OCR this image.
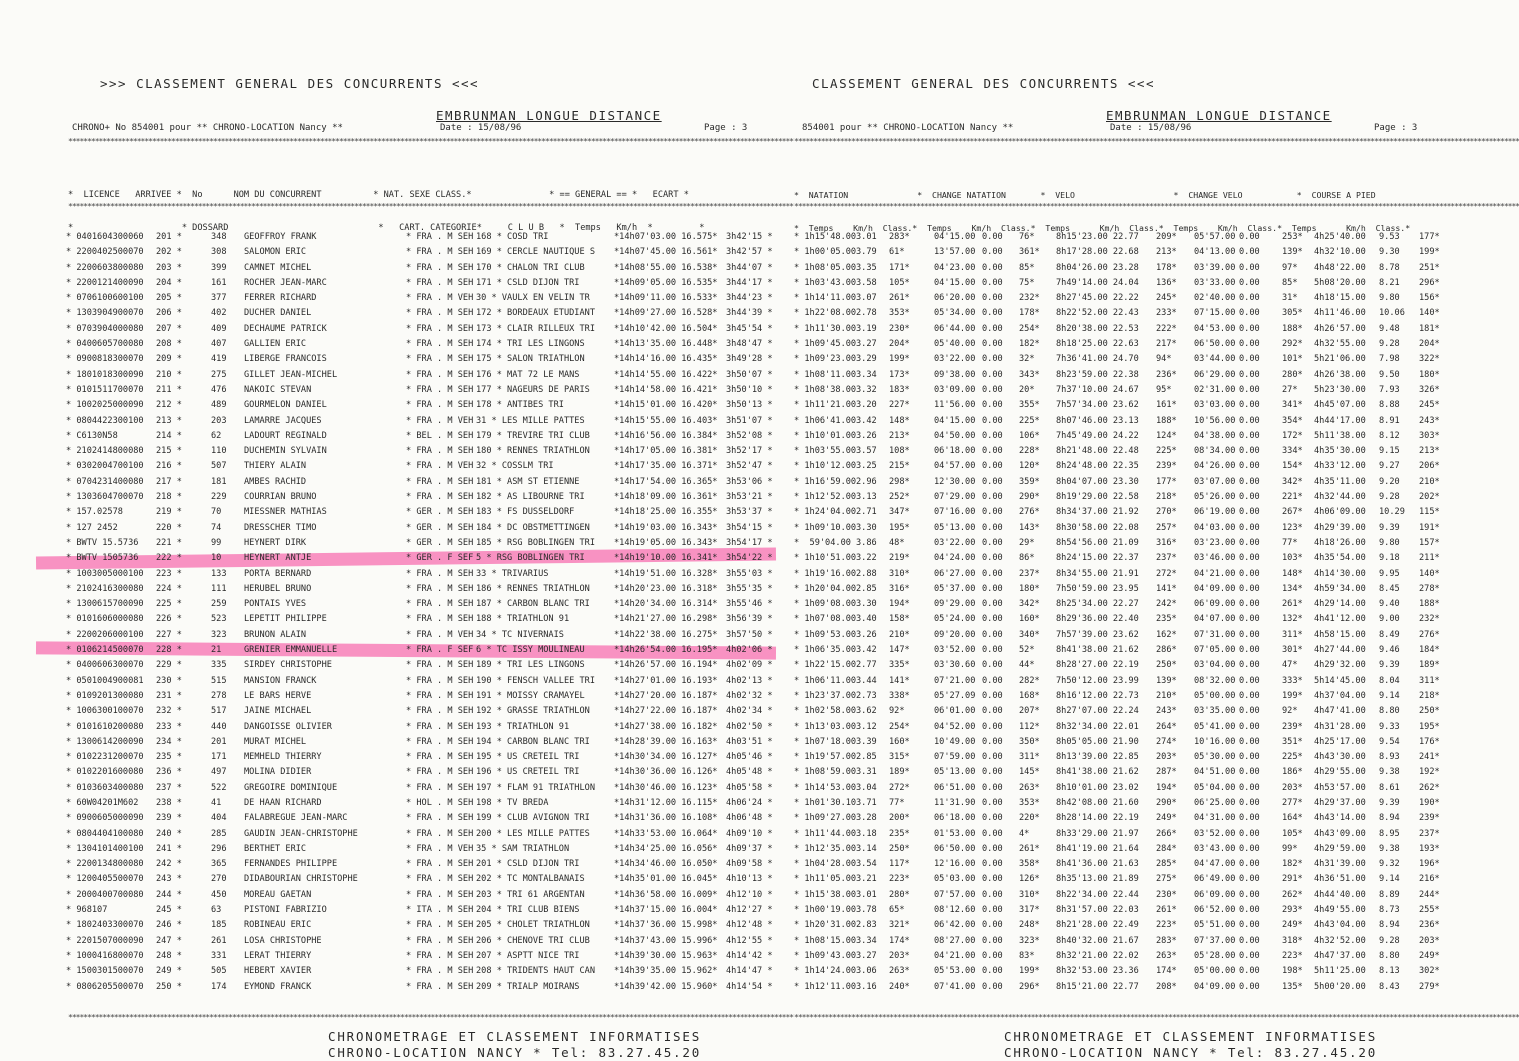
>>> CLASSEMENT GENERAL DES CONCURRENTS <<<
EMBRUNMAN LONGUE DISTANCE
CHRONO+ No 854001 pour ** CHRONO-LOCATION Nancy **	Date : 15/08/96	Page : 3
**********************************************************************************************************************************************************************************************

*  LICENCE   ARRIVEE *  No      NOM DU CONCURRENT          * NAT. SEXE CLASS.*               * == GENERAL == *   ECART *

*                     * DOSSARD                             *   CART. CATEGORIE*     C L U B   *  Temps   Km/h  *         *

**********************************************************************************************************************************************************************************************
* 0401604300060 201 *	348 GEOFFROY FRANK	* FRA . M SEH 168 * COSD TRI	*14h07'03.00 16.575* 3h42'15 *
* 2200402500070 202 *	308 SALOMON ERIC	* FRA . M SEH 169 * CERCLE NAUTIQUE S *14h07'45.00 16.561* 3h42'57 *
* 2200603800080 203 *	399 CAMNET MICHEL	* FRA . M SEH 170 * CHALON TRI CLUB	*14h08'55.00 16.538* 3h44'07 *
* 2200121400090 204 *	161 ROCHER JEAN-MARC	* FRA . M SEH 171 * CSLD DIJON TRI	*14h09'05.00 16.535* 3h44'17 *
* 0706100600100 205 *	377 FERRER RICHARD	* FRA . M VEH 30 * VAULX EN VELIN TR	*14h09'11.00 16.533* 3h44'23 *
* 1303904900070 206 *	402 DUCHER DANIEL	* FRA . M SEH 172 * BORDEAUX ETUDIANT *14h09'27.00 16.528* 3h44'39 *
* 0703904000080 207 *	409 DECHAUME PATRICK	* FRA . M SEH 173 * CLAIR RILLEUX TRI *14h10'42.00 16.504* 3h45'54 *
* 0400605700080 208 *	407 GALLIEN ERIC	* FRA . M SEH 174 * TRI LES LINGONS	*14h13'35.00 16.448* 3h48'47 *
* 0900818300070 209 *	419 LIBERGE FRANCOIS	* FRA . M SEH 175 * SALON TRIATHLON	*14h14'16.00 16.435* 3h49'28 *
* 1801018300090 210 *	275 GILLET JEAN-MICHEL	* FRA . M SEH 176 * MAT 72 LE MANS	*14h14'55.00 16.422* 3h50'07 *
* 0101511700070 211 *	476 NAKOIC STEVAN	* FRA . M SEH 177 * NAGEURS DE PARIS	*14h14'58.00 16.421* 3h50'10 *
* 1002025000090 212 *	489 GOURMELON DANIEL	* FRA . M SEH 178 * ANTIBES TRI	*14h15'01.00 16.420* 3h50'13 *
* 0804422300100 213 *	203 LAMARRE JACQUES	* FRA . M VEH 31 * LES MILLE PATTES	*14h15'55.00 16.403* 3h51'07 *
* C6130N58	214 *	62	LADOURT REGINALD	* BEL . M SEH 179 * TREVIRE TRI CLUB	*14h16'56.00 16.384* 3h52'08 *
* 2102414800080 215 *	110 DUCHEMIN SYLVAIN	* FRA . M SEH 180 * RENNES TRIATHLON	*14h17'05.00 16.381* 3h52'17 *
* 0302004700100 216 *	507 THIERY ALAIN	* FRA . M VEH 32 * COSSLM TRI	*14h17'35.00 16.371* 3h52'47 *
* 0704231400080 217 *	181 AMBES RACHID	* FRA . M SEH 181 * ASM ST ETIENNE	*14h17'54.00 16.365* 3h53'06 *
* 1303604700070 218 *	229 COURRIAN BRUNO	* FRA . M SEH 182 * AS LIBOURNE TRI	*14h18'09.00 16.361* 3h53'21 *
* 157.02578	219 *	70	MIESSNER MATHIAS	* GER . M SEH 183 * FS DUSSELDORF	*14h18'25.00 16.355* 3h53'37 *
* 127 2452	220 *	74	DRESSCHER TIMO	* GER . M SEH 184 * DC OBSTMETTINGEN	*14h19'03.00 16.343* 3h54'15 *
* BWTV 15.5736 221 *	99	HEYNERT DIRK	* GER . M SEH 185 * RSG BOBLINGEN TRI *14h19'05.00 16.343* 3h54'17 *
* BWTV 1505736 222 *	10	HEYNERT ANTJE	* GER . F SEF 5 * RSG BOBLINGEN TRI	*14h19'10.00 16.341* 3h54'22 *
* 1003005000100 223 *	133 PORTA BERNARD	* FRA . M SEH 33 * TRIVARIUS	*14h19'51.00 16.328* 3h55'03 *
* 2102416300080 224 *	111 HERUBEL BRUNO	* FRA . M SEH 186 * RENNES TRIATHLON	*14h20'23.00 16.318* 3h55'35 *
* 1300615700090 225 *	259 PONTAIS YVES	* FRA . M SEH 187 * CARBON BLANC TRI	*14h20'34.00 16.314* 3h55'46 *
* 0101606000080 226 *	523 LEPETIT PHILIPPE	* FRA . M SEH 188 * TRIATHLON 91	*14h21'27.00 16.298* 3h56'39 *
* 2200206000100 227 *	323 BRUNON ALAIN	* FRA . M VEH 34 * TC NIVERNAIS	*14h22'38.00 16.275* 3h57'50 *
* 0106214500070 228 *	21	GRENIER EMMANUELLE	* FRA . F SEF 6 * TC ISSY MOULINEAU	*14h26'54.00 16.195* 4h02'06 *
* 0400606300070 229 *	335 SIRDEY CHRISTOPHE	* FRA . M SEH 189 * TRI LES LINGONS	*14h26'57.00 16.194* 4h02'09 *
* 0501004900081 230 *	515 MANSION FRANCK	* FRA . M SEH 190 * FENSCH VALLEE TRI *14h27'01.00 16.193* 4h02'13 *
* 0109201300080 231 *	278 LE BARS HERVE	* FRA . M SEH 191 * MOISSY CRAMAYEL	*14h27'20.00 16.187* 4h02'32 *
* 1006300100070 232 *	517 JAINE MICHAEL	* FRA . M SEH 192 * GRASSE TRIATHLON	*14h27'22.00 16.187* 4h02'34 *
* 0101610200080 233 *	440 DANGOISSE OLIVIER	* FRA . M SEH 193 * TRIATHLON 91	*14h27'38.00 16.182* 4h02'50 *
* 1300614200090 234 *	201 MURAT MICHEL	* FRA . M SEH 194 * CARBON BLANC TRI	*14h28'39.00 16.163* 4h03'51 *
* 0102231200070 235 *	171 MEMHELD THIERRY	* FRA . M SEH 195 * US CRETEIL TRI	*14h30'34.00 16.127* 4h05'46 *
* 0102201600080 236 *	497 MOLINA DIDIER	* FRA . M SEH 196 * US CRETEIL TRI	*14h30'36.00 16.126* 4h05'48 *
* 0103603400080 237 *	522 GREGOIRE DOMINIQUE	* FRA . M SEH 197 * FLAM 91 TRIATHLON *14h30'46.00 16.123* 4h05'58 *
* 60W04201M602 238 *	41	DE HAAN RICHARD	* HOL . M SEH 198 * TV BREDA	*14h31'12.00 16.115* 4h06'24 *
* 0900605000090 239 *	404 FALABREGUE JEAN-MARC	* FRA . M SEH 199 * CLUB AVIGNON TRI	*14h31'36.00 16.108* 4h06'48 *
* 0804404100080 240 *	285 GAUDIN JEAN-CHRISTOPHE	* FRA . M SEH 200 * LES MILLE PATTES	*14h33'53.00 16.064* 4h09'10 *
* 1304101400100 241 *	296 BERTHET ERIC	* FRA . M VEH 35 * SAM TRIATHLON	*14h34'25.00 16.056* 4h09'37 *
* 2200134800080 242 *	365 FERNANDES PHILIPPE	* FRA . M SEH 201 * CSLD DIJON TRI	*14h34'46.00 16.050* 4h09'58 *
* 1200405500070 243 *	270 DIDABOURIAN CHRISTOPHE	* FRA . M SEH 202 * TC MONTALBANAIS	*14h35'01.00 16.045* 4h10'13 *
* 2000400700080 244 *	450 MOREAU GAETAN	* FRA . M SEH 203 * TRI 61 ARGENTAN	*14h36'58.00 16.009* 4h12'10 *
* 968107	245 *	63	PISTONI FABRIZIO	* ITA . M SEH 204 * TRI CLUB BIENS	*14h37'15.00 16.004* 4h12'27 *
* 1802403300070 246 *	185 ROBINEAU ERIC	* FRA . M SEH 205 * CHOLET TRIATHLON	*14h37'36.00 15.998* 4h12'48 *
* 2201507000090 247 *	261 LOSA CHRISTOPHE	* FRA . M SEH 206 * CHENOVE TRI CLUB	*14h37'43.00 15.996* 4h12'55 *
* 1000416800070 248 *	331 LERAT THIERRY	* FRA . M SEH 207 * ASPTT NICE TRI	*14h39'30.00 15.963* 4h14'42 *
* 1500301500070 249 *	505 HEBERT XAVIER	* FRA . M SEH 208 * TRIDENTS HAUT CAN *14h39'35.00 15.962* 4h14'47 *
* 0806205500070 250 *	174 EYMOND FRANCK	* FRA . M SEH 209 * TRIALP MOIRANS	*14h39'42.00 15.960* 4h14'54 *
**********************************************************************************************************************************************************************************************
CHRONOMETRAGE ET CLASSEMENT INFORMATISES
CHRONO-LOCATION NANCY * Tel: 83.27.45.20
CLASSEMENT GENERAL DES CONCURRENTS <<<
EMBRUNMAN LONGUE DISTANCE
854001 pour ** CHRONO-LOCATION Nancy **	Date : 15/08/96	Page : 3
**********************************************************************************************************************************************************************************************

*  NATATION              *  CHANGE NATATION       *  VELO                    *  CHANGE VELO           *  COURSE A PIED

*  Temps    Km/h  Class.*  Temps    Km/h  Class.*  Temps      Km/h  Class.*  Temps    Km/h  Class.*  Temps      Km/h  Class.*

**********************************************************************************************************************************************************************************************
* 1h15'48.00 3.01 283*	04'15.00 0.00 76* 8h15'23.00 22.77 209* 05'57.00 0.00	253* 4h25'40.00 9.53 177*
* 1h00'05.00 3.79 61*	13'57.00 0.00 361* 8h17'28.00 22.68 213* 04'13.00 0.00	139* 4h32'10.00 9.30 199*
* 1h08'05.00 3.35 171*	04'23.00 0.00 85* 8h04'26.00 23.28 178* 03'39.00 0.00	97* 4h48'22.00 8.78 251*
* 1h03'43.00 3.58 105*	04'15.00 0.00 75* 7h49'14.00 24.04 136* 03'33.00 0.00	85* 5h08'20.00 8.21 296*
* 1h14'11.00 3.07 261*	06'20.00 0.00 232* 8h27'45.00 22.22 245* 02'40.00 0.00	31* 4h18'15.00 9.80 156*
* 1h22'08.00 2.78 353*	05'34.00 0.00 178* 8h22'52.00 22.43 233* 07'15.00 0.00	305* 4h11'46.00 10.06 140*
* 1h11'30.00 3.19 230*	06'44.00 0.00 254* 8h20'38.00 22.53 222* 04'53.00 0.00	188* 4h26'57.00 9.48 181*
* 1h09'45.00 3.27 204*	05'40.00 0.00 182* 8h18'25.00 22.63 217* 06'50.00 0.00	292* 4h32'55.00 9.28 204*
* 1h09'23.00 3.29 199*	03'22.00 0.00 32* 7h36'41.00 24.70 94*	03'44.00 0.00	101* 5h21'06.00 7.98 322*
* 1h08'11.00 3.34 173*	09'38.00 0.00 343* 8h23'59.00 22.38 236* 06'29.00 0.00	280* 4h26'38.00 9.50 180*
* 1h08'38.00 3.32 183*	03'09.00 0.00 20* 7h37'10.00 24.67 95*	02'31.00 0.00	27* 5h23'30.00 7.93 326*
* 1h11'21.00 3.20 227*	11'56.00 0.00 355* 7h57'34.00 23.62 161* 03'03.00 0.00	341* 4h45'07.00 8.88 245*
* 1h06'41.00 3.42 148*	04'15.00 0.00 225* 8h07'46.00 23.13 188* 10'56.00 0.00	354* 4h44'17.00 8.91 243*
* 1h10'01.00 3.26 213*	04'50.00 0.00 106* 7h45'49.00 24.22 124* 04'38.00 0.00	172* 5h11'38.00 8.12 303*
* 1h03'55.00 3.57 108*	06'18.00 0.00 228* 8h21'48.00 22.48 225* 08'34.00 0.00	334* 4h35'30.00 9.15 213*
* 1h10'12.00 3.25 215*	04'57.00 0.00 120* 8h24'48.00 22.35 239* 04'26.00 0.00	154* 4h33'12.00 9.27 206*
* 1h16'59.00 2.96 298*	12'30.00 0.00 359* 8h04'07.00 23.30 177* 03'07.00 0.00	342* 4h35'11.00 9.20 210*
* 1h12'52.00 3.13 252*	07'29.00 0.00 290* 8h19'29.00 22.58 218* 05'26.00 0.00	221* 4h32'44.00 9.28 202*
* 1h24'04.00 2.71 347*	07'16.00 0.00 276* 8h34'37.00 21.92 270* 06'19.00 0.00	267* 4h06'09.00 10.29 115*
* 1h09'10.00 3.30 195*	05'13.00 0.00 143* 8h30'58.00 22.08 257* 04'03.00 0.00	123* 4h29'39.00 9.39 191*
*  59'04.00 3.86 48*	03'22.00 0.00 29* 8h54'56.00 21.09 316* 03'23.00 0.00	77* 4h18'26.00 9.80 157*
* 1h10'51.00 3.22 219*	04'24.00 0.00 86* 8h24'15.00 22.37 237* 03'46.00 0.00	103* 4h35'54.00 9.18 211*
* 1h19'16.00 2.88 310*	06'27.00 0.00 237* 8h34'55.00 21.91 272* 04'21.00 0.00	148* 4h14'30.00 9.95 140*
* 1h20'04.00 2.85 316*	05'37.00 0.00 180* 7h50'59.00 23.95 141* 04'09.00 0.00	134* 4h59'34.00 8.45 278*
* 1h09'08.00 3.30 194*	09'29.00 0.00 342* 8h25'34.00 22.27 242* 06'09.00 0.00	261* 4h29'14.00 9.40 188*
* 1h07'08.00 3.40 158*	05'24.00 0.00 160* 8h29'36.00 22.40 235* 04'07.00 0.00	132* 4h41'12.00 9.00 232*
* 1h09'53.00 3.26 210*	09'20.00 0.00 340* 7h57'39.00 23.62 162* 07'31.00 0.00	311* 4h58'15.00 8.49 276*
* 1h06'35.00 3.42 147*	03'52.00 0.00 52* 8h41'38.00 21.62 286* 07'05.00 0.00	301* 4h27'44.00 9.46 184*
* 1h22'15.00 2.77 335*	03'30.60 0.00 44* 8h28'27.00 22.19 250* 03'04.00 0.00	47* 4h29'32.00 9.39 189*
* 1h06'11.00 3.44 141*	07'21.00 0.00 282* 7h50'12.00 23.99 139* 08'32.00 0.00	333* 5h14'45.00 8.04 311*
* 1h23'37.00 2.73 338*	05'27.09 0.00 168* 8h16'12.00 22.73 210* 05'00.00 0.00	199* 4h37'04.00 9.14 218*
* 1h02'58.00 3.62 92*	06'01.00 0.00 207* 8h27'07.00 22.24 243* 03'35.00 0.00	92* 4h47'41.00 8.80 250*
* 1h13'03.00 3.12 254*	04'52.00 0.00 112* 8h32'34.00 22.01 264* 05'41.00 0.00	239* 4h31'28.00 9.33 195*
* 1h07'18.00 3.39 160*	10'49.00 0.00 350* 8h05'05.00 21.90 274* 10'16.00 0.00	351* 4h25'17.00 9.54 176*
* 1h19'57.00 2.85 315*	07'59.00 0.00 311* 8h13'39.00 22.85 203* 05'30.00 0.00	225* 4h43'30.00 8.93 241*
* 1h08'59.00 3.31 189*	05'13.00 0.00 145* 8h41'38.00 21.62 287* 04'51.00 0.00	186* 4h29'55.00 9.38 192*
* 1h14'53.00 3.04 272*	06'51.00 0.00 263* 8h10'01.00 23.02 194* 05'04.00 0.00	203* 4h53'57.00 8.61 262*
* 1h01'30.10 3.71 77*	11'31.90 0.00 353* 8h42'08.00 21.60 290* 06'25.00 0.00	277* 4h29'37.00 9.39 190*
* 1h09'27.00 3.28 200*	06'18.00 0.00 220* 8h28'14.00 22.19 249* 04'31.00 0.00	164* 4h43'14.00 8.94 239*
* 1h11'44.00 3.18 235*	01'53.00 0.00 4*	8h33'29.00 21.97 266* 03'52.00 0.00	105* 4h43'09.00 8.95 237*
* 1h12'35.00 3.14 250*	06'50.00 0.00 261* 8h41'19.00 21.64 284* 03'43.00 0.00	99* 4h29'59.00 9.38 193*
* 1h04'28.00 3.54 117*	12'16.00 0.00 358* 8h41'36.00 21.63 285* 04'47.00 0.00	182* 4h31'39.00 9.32 196*
* 1h11'05.00 3.21 223*	05'03.00 0.00 126* 8h35'13.00 21.89 275* 06'49.00 0.00	291* 4h36'51.00 9.14 216*
* 1h15'38.00 3.01 280*	07'57.00 0.00 310* 8h22'34.00 22.44 230* 06'09.00 0.00	262* 4h44'40.00 8.89 244*
* 1h00'19.00 3.78 65*	08'12.60 0.00 317* 8h31'57.00 22.03 261* 06'52.00 0.00	293* 4h49'55.00 8.73 255*
* 1h20'31.00 2.83 321*	06'42.00 0.00 248* 8h21'28.00 22.49 223* 05'51.00 0.00	249* 4h43'04.00 8.94 236*
* 1h08'15.00 3.34 174*	08'27.00 0.00 323* 8h40'32.00 21.67 283* 07'37.00 0.00	318* 4h32'52.00 9.28 203*
* 1h09'43.00 3.27 203*	04'21.00 0.00 83* 8h32'21.00 22.02 263* 05'28.00 0.00	223* 4h47'37.00 8.80 249*
* 1h14'24.00 3.06 263*	05'53.00 0.00 199* 8h32'53.00 23.36 174* 05'00.00 0.00	198* 5h11'25.00 8.13 302*
* 1h12'11.00 3.16 240*	07'41.00 0.00 296* 8h15'21.00 22.77 208* 04'09.00 0.00	135* 5h00'20.00 8.43 279*
**********************************************************************************************************************************************************************************************
CHRONOMETRAGE ET CLASSEMENT INFORMATISES
CHRONO-LOCATION NANCY * Tel: 83.27.45.20
